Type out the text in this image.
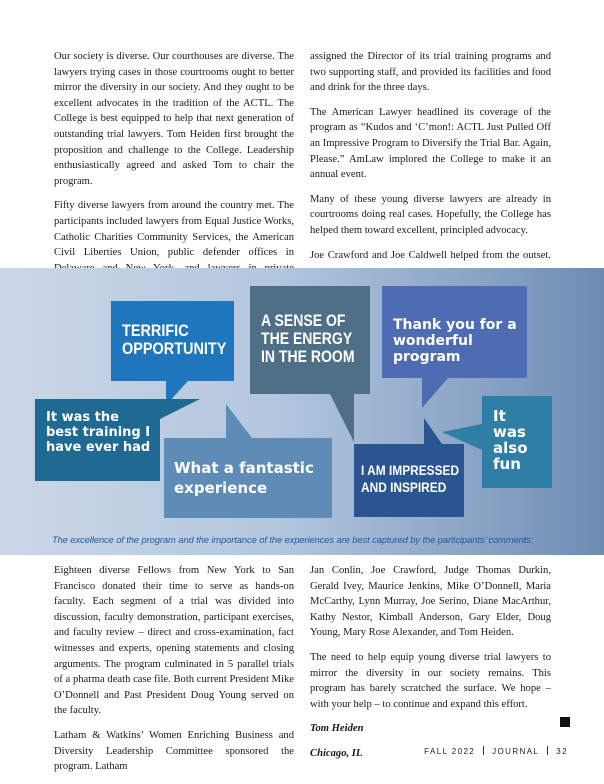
Our society is diverse. Our courthouses are diverse. The lawyers trying cases in those courtrooms ought to better mirror the diversity in our society. And they ought to be excellent advocates in the tradition of the ACTL. The College is best equipped to help that next generation of outstanding trial lawyers. Tom Heiden first brought the proposition and challenge to the College. Leadership enthusiastically agreed and asked Tom to chair the program.

Fifty diverse lawyers from around the country met. The participants included lawyers from Equal Justice Works, Catholic Charities Community Services, the American Civil Liberties Union, public defender offices in

assigned the Director of its trial training programs and two supporting staff, and provided its facilities and food and drink for the three days.

The American Lawyer headlined its coverage of the program as “Kudos and ‘C’mon!: ACTL Just Pulled Off an Impressive Program to Diversify the Trial Bar. Again, Please.” AmLaw implored the College to make it an annual event.

Many of these young diverse lawyers are already in courtrooms doing real cases. Hopefully, the College has helped them toward excellent, principled advocacy.

Joe Crawford and Joe Caldwell helped from the outset.

TERRIFIC OPPORTUNITY
A SENSE OF THE ENERGY IN THE ROOM
Thank you for a wonderful program
It was the best training I have ever had
What a fantastic experience
I AM IMPRESSED AND INSPIRED
It was also fun
The excellence of the program and the importance of the experiences are best captured by the participants’ comments:

Eighteen diverse Fellows from New York to San Francisco donated their time to serve as hands-on faculty. Each segment of a trial was divided into discussion, faculty demonstration, participant exercises, and faculty review – direct and cross-examination, fact witnesses and experts, opening statements and closing arguments. The program culminated in 5 parallel trials of a pharma death case file. Both current President Mike O’Donnell and Past President Doug Young served on the faculty.

Latham & Watkins’ Women Enriching Business and Diversity Leadership Committee sponsored the program. Latham

Jan Conlin, Joe Crawford, Judge Thomas Durkin, Gerald Ivey, Maurice Jenkins, Mike O’Donnell, Maria McCarthy, Lynn Murray, Joe Serino, Diane MacArthur, Kathy Nestor, Kimball Anderson, Gary Elder, Doug Young, Mary Rose Alexander, and Tom Heiden.

The need to help equip young diverse trial lawyers to mirror the diversity in our society remains. This program has barely scratched the surface. We hope – with your help – to continue and expand this effort.

Tom Heiden

Chicago, IL	FALL 2022 JOURNAL 32
